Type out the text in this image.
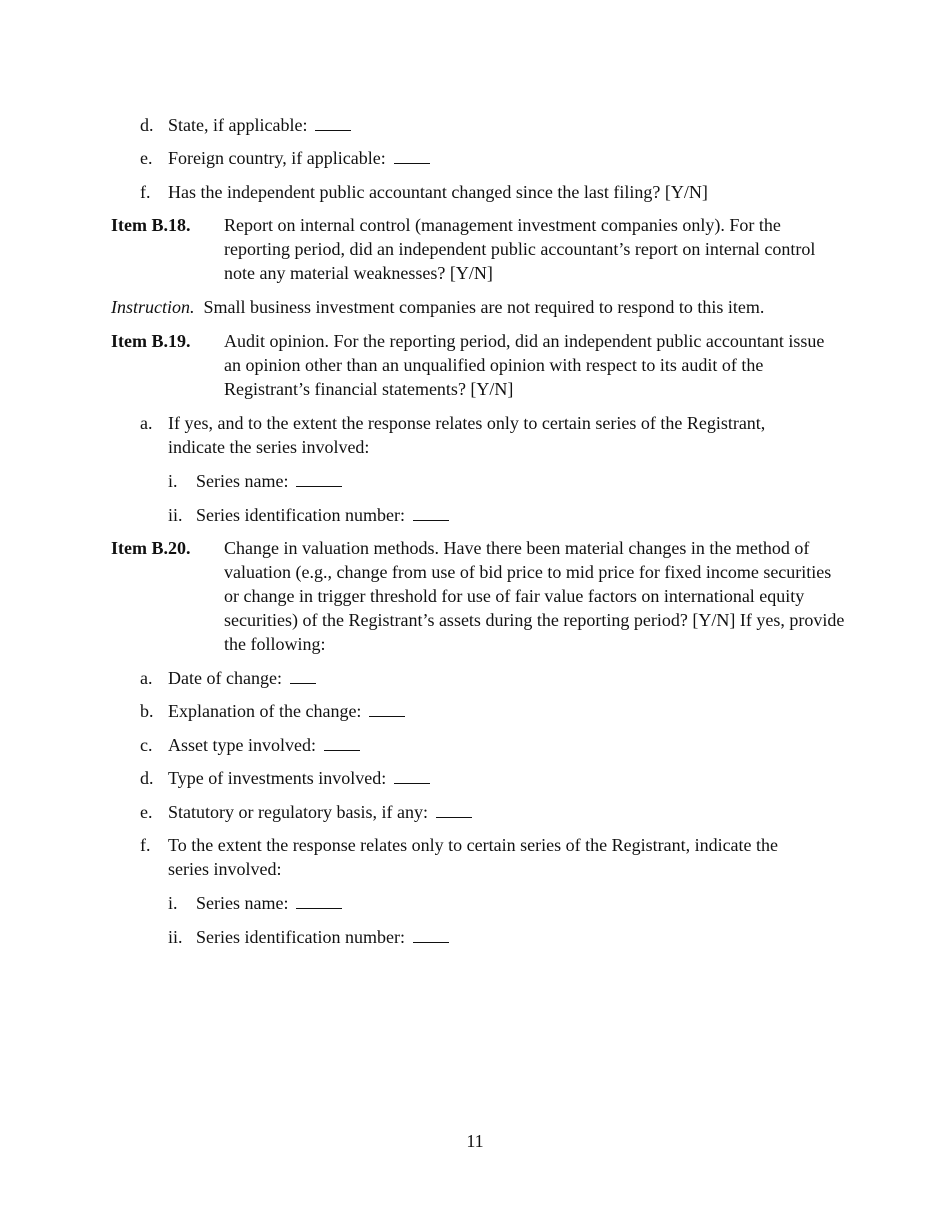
d. State, if applicable:
e. Foreign country, if applicable:
f. Has the independent public accountant changed since the last filing? [Y/N]
Item B.18. Report on internal control (management investment companies only). For the reporting period, did an independent public accountant’s report on internal control note any material weaknesses? [Y/N]
Instruction. Small business investment companies are not required to respond to this item.
Item B.19. Audit opinion. For the reporting period, did an independent public accountant issue an opinion other than an unqualified opinion with respect to its audit of the Registrant’s financial statements? [Y/N]
a. If yes, and to the extent the response relates only to certain series of the Registrant, indicate the series involved:
i. Series name:
ii. Series identification number:
Item B.20. Change in valuation methods. Have there been material changes in the method of valuation (e.g., change from use of bid price to mid price for fixed income securities or change in trigger threshold for use of fair value factors on international equity securities) of the Registrant’s assets during the reporting period? [Y/N] If yes, provide the following:
a. Date of change:
b. Explanation of the change:
c. Asset type involved:
d. Type of investments involved:
e. Statutory or regulatory basis, if any:
f. To the extent the response relates only to certain series of the Registrant, indicate the series involved:
i. Series name:
ii. Series identification number:
11
